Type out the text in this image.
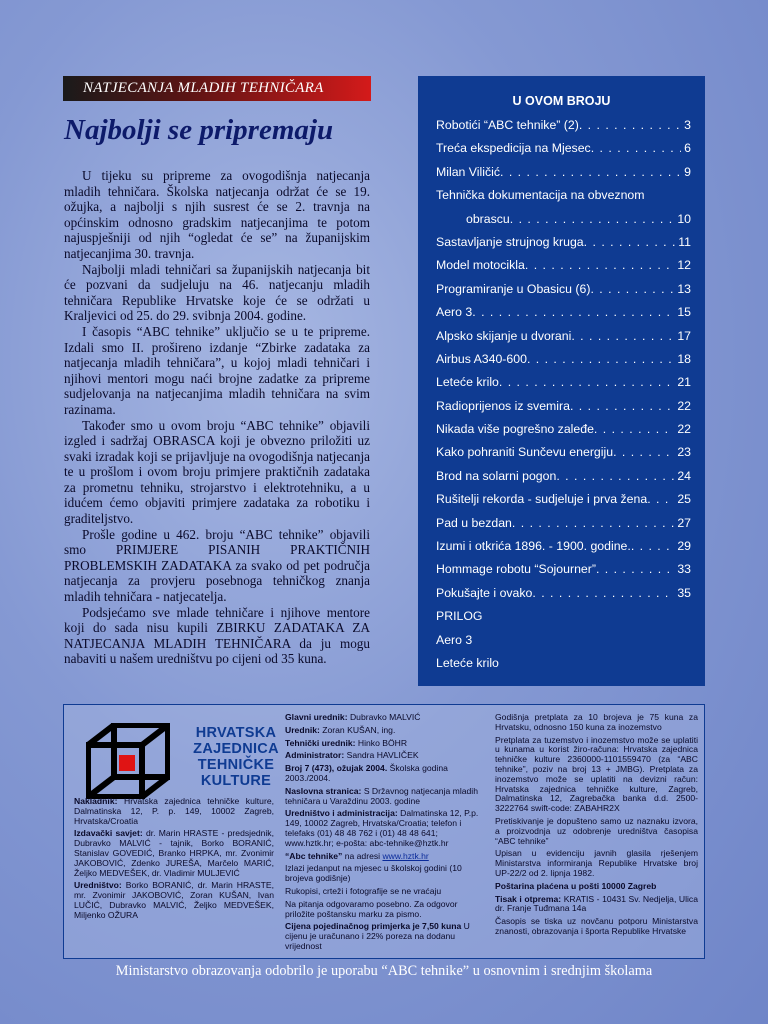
NATJECANJA MLADIH TEHNIČARA
Najbolji se pripremaju

U tijeku su pripreme za ovogodišnja natjecanja mladih tehničara. Školska natjecanja održat će se 19. ožujka, a najbolji s njih susrest će se 2. travnja na općinskim odnosno gradskim natjecanjima te potom najuspješniji od njih “ogledat će se” na županijskim natjecanjima 30. travnja.

Najbolji mladi tehničari sa županijskih natjecanja bit će pozvani da sudjeluju na 46. natjecanju mladih tehničara Republike Hrvatske koje će se održati u Kraljevici od 25. do 29. svibnja 2004. godine.

I časopis “ABC tehnike” uključio se u te pripreme. Izdali smo II. prošireno izdanje “Zbirke zadataka za natjecanja mladih tehničara”, u kojoj mladi tehničari i njihovi mentori mogu naći brojne zadatke za pripreme sudjelovanja na natjecanjima mladih tehničara na svim razinama.

Također smo u ovom broju “ABC tehnike” objavili izgled i sadržaj OBRASCA koji je obvezno priložiti uz svaki izradak koji se prijavljuje na ovogodišnja natjecanja te u prošlom i ovom broju primjere praktičnih zadataka za prometnu tehniku, strojarstvo i elektrotehniku, a u idućem ćemo objaviti primjere zadataka za robotiku i graditeljstvo.

Prošle godine u 462. broju “ABC tehnike” objavili smo PRIMJERE PISANIH PRAKTIČNIH PROBLEMSKIH ZADATAKA za svako od pet područja natjecanja za provjeru posebnoga tehničkog znanja mladih tehničara - natjecatelja.

Podsjećamo sve mlade tehničare i njihove mentore koji do sada nisu kupili ZBIRKU ZADATAKA ZA NATJECANJA MLADIH TEHNIČARA da ju mogu nabaviti u našem uredništvu po cijeni od 35 kuna.

U OVOM BROJU
Robotići “ABC tehnike” (2) . . .	3
Treća ekspedicija na Mjesec . . .	6
Milan Viličić . . .	9
Tehnička dokumentacija na obveznom
obrascu . . .	10
Sastavljanje strujnog kruga . . .	11
Model motocikla . . .	12
Programiranje u Obasicu (6) . . .	13
Aero 3 . . .	15
Alpsko skijanje u dvorani . . .	17
Airbus A340-600 . . .	18
Leteće krilo . . .	21
Radioprijenos iz svemira . . .	22
Nikada više pogrešno zaleđe . . .	22
Kako pohraniti Sunčevu energiju . . .	23
Brod na solarni pogon . . .	24
Rušitelji rekorda - sudjeluje i prva žena . . . 25
Pad u bezdan . . .	27
Izumi i otkrića 1896. - 1900. godine. . . .	29
Hommage robotu “Sojourner” . . .	33
Pokušajte i ovako . . .	35
PRILOG
Aero 3
Leteće krilo
HRVATSKA
ZAJEDNICA
TEHNIČKE
KULTURE

Nakladnik: Hrvatska zajednica tehničke kulture, Dalmatinska 12, P. p. 149, 10002 Zagreb, Hrvatska/Croatia

Izdavački savjet: dr. Marin HRASTE - predsjednik, Dubravko MALVIĆ - tajnik, Borko BORANIĆ, Stanislav GOVEDIĆ, Branko HRPKA, mr. Zvonimir JAKOBOVIĆ, Zdenko JUREŠA, Marčelo MARIĆ, Željko MEDVEŠEK, dr. Vladimir MULJEVIĆ

Uredništvo: Borko BORANIĆ, dr. Marin HRASTE, mr. Zvonimir JAKOBOVIĆ, Zoran KUŠAN, Ivan LUČIĆ, Dubravko MALVIĆ, Željko MEDVEŠEK, Miljenko OŽURA

Glavni urednik: Dubravko MALVIĆ

Urednik: Zoran KUŠAN, ing.

Tehnički urednik: Hinko BÖHR

Administrator: Sandra HAVLIČEK

Broj 7 (473), ožujak 2004. Školska godina 2003./2004.

Naslovna stranica: S Državnog natjecanja mladih tehničara u Varaždinu 2003. godine

Uredništvo i administracija: Dalmatinska 12, P.p. 149, 10002 Zagreb, Hrvatska/Croatia; telefon i telefaks (01) 48 48 762 i (01) 48 48 641; www.hztk.hr; e-pošta: abc-tehnike@hztk.hr

“Abc tehnike” na adresi www.hztk.hr

Izlazi jedanput na mjesec u školskoj godini (10 brojeva godišnje)

Rukopisi, crteži i fotografije se ne vraćaju

Na pitanja odgovaramo posebno. Za odgovor priložite poštansku marku za pismo.

Cijena pojedinačnog primjerka je 7,50 kuna U cijenu je uračunano i 22% poreza na dodanu vrijednost

Godišnja pretplata za 10 brojeva je 75 kuna za Hrvatsku, odnosno 150 kuna za inozemstvo

Pretplata za tuzemstvo i inozemstvo može se uplatiti u kunama u korist žiro-računa: Hrvatska zajednica tehničke kulture 2360000-1101559470 (za “ABC tehnike”, poziv na broj 13 + JMBG). Pretplata za inozemstvo može se uplatiti na devizni račun: Hrvatska zajednica tehničke kulture, Zagreb, Dalmatinska 12, Zagrebačka banka d.d. 2500-3222764 swift-code: ZABAHR2X

Pretiskivanje je dopušteno samo uz naznaku izvora, a proizvodnja uz odobrenje uredništva časopisa “ABC tehnike”

Upisan u evidenciju javnih glasila rješenjem Ministarstva informiranja Republike Hrvatske broj UP-22/2 od 2. lipnja 1982.

Poštarina plaćena u pošti 10000 Zagreb

Tisak i otprema: KRATIS - 10431 Sv. Nedjelja, Ulica dr. Franje Tuđmana 14a

Časopis se tiska uz novčanu potporu Ministarstva znanosti, obrazovanja i športa Republike Hrvatske

Ministarstvo obrazovanja odobrilo je uporabu “ABC tehnike” u osnovnim i srednjim školama
